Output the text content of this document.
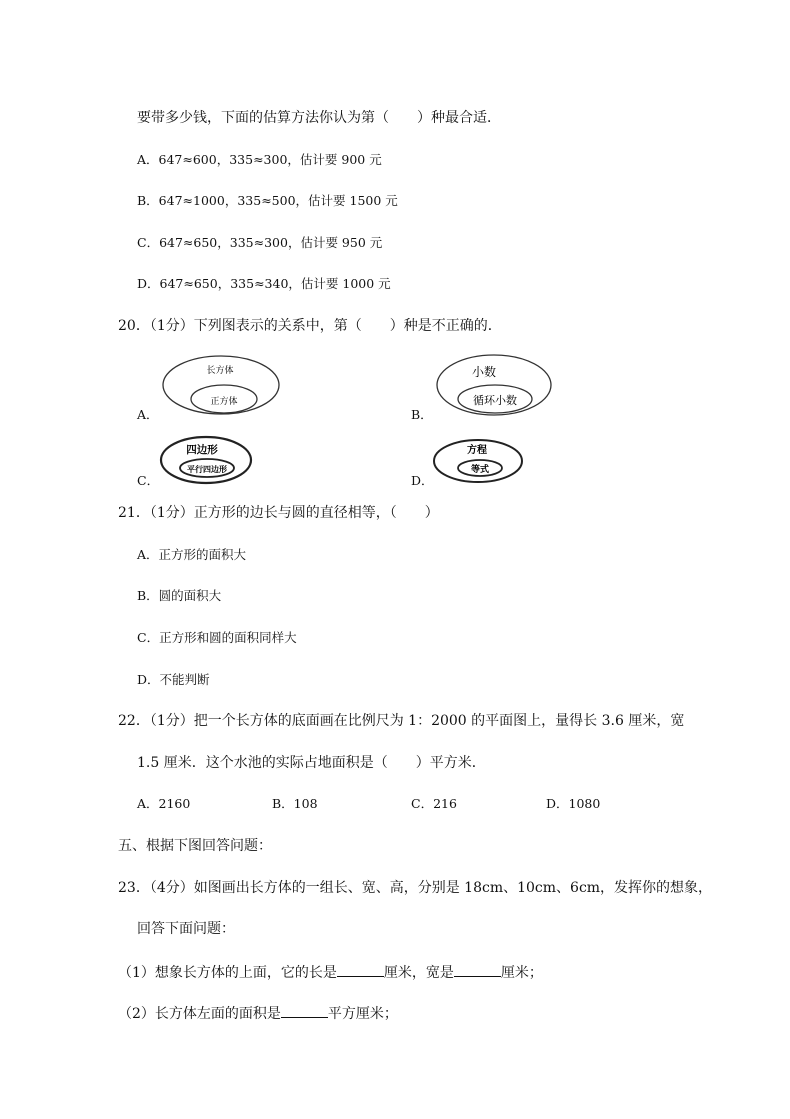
要带多少钱，下面的估算方法你认为第（　　）种最合适．
A．647≈600，335≈300，估计要 900 元
B．647≈1000，335≈500，估计要 1500 元
C．647≈650，335≈300，估计要 950 元
D．647≈650，335≈340，估计要 1000 元
20．（1分）下列图表示的关系中，第（　　）种是不正确的．
A．
长方体
正方体
B．
小数
循环小数
C．
四边形
平行四边形
D．
方程
等式
21．（1分）正方形的边长与圆的直径相等，（　　）
A．正方形的面积大
B．圆的面积大
C．正方形和圆的面积同样大
D．不能判断
22．（1分）把一个长方体的底面画在比例尺为 1：2000 的平面图上，量得长 3.6 厘米，宽
1.5 厘米．这个水池的实际占地面积是（　　）平方米．
A．2160	B．108	C．216	D．1080
五、根据下图回答问题：
23．（4分）如图画出长方体的一组长、宽、高，分别是 18cm、10cm、6cm，发挥你的想象，
回答下面问题：
（1）想象长方体的上面，它的长是	厘米，宽是	厘米；
（2）长方体左面的面积是	平方厘米；
